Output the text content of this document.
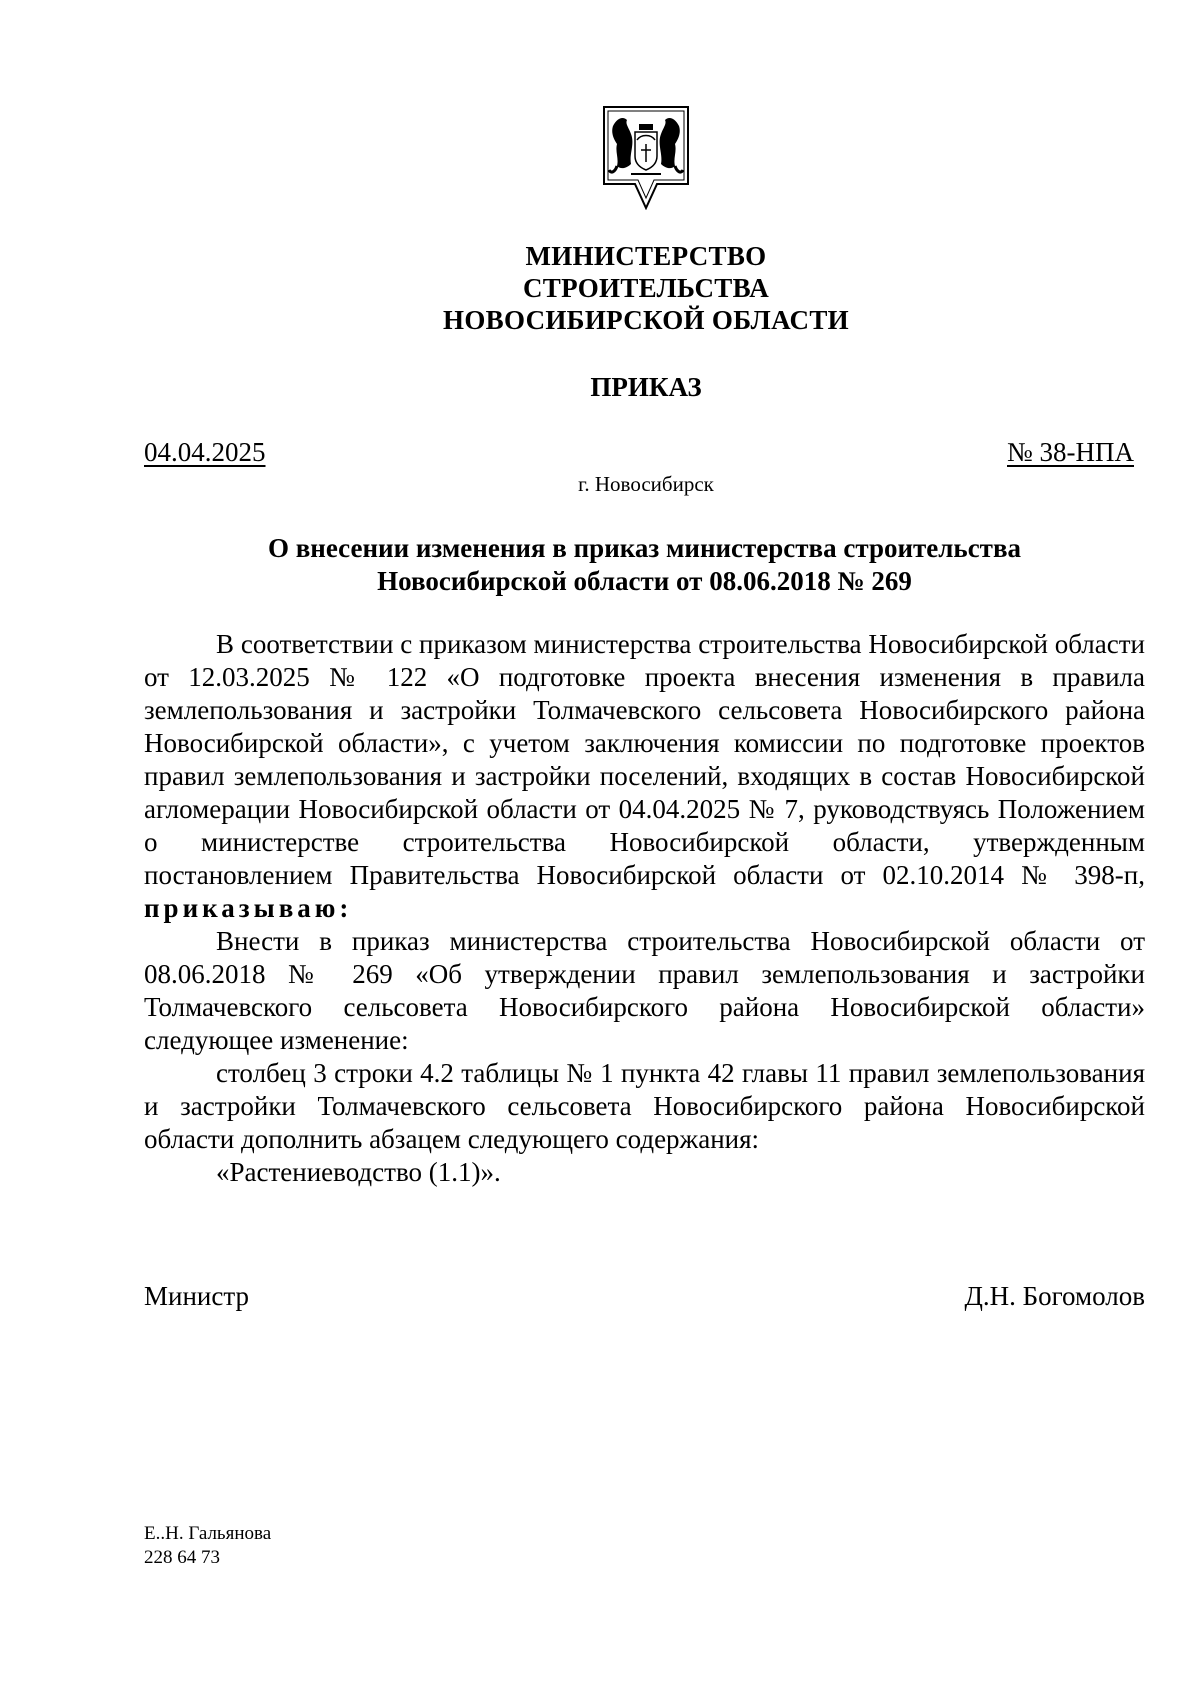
МИНИСТЕРСТВО
СТРОИТЕЛЬСТВА
НОВОСИБИРСКОЙ ОБЛАСТИ
ПРИКАЗ
04.04.2025	№ 38-НПА
г. Новосибирск
О внесении изменения в приказ министерства строительства
Новосибирской области от 08.06.2018 № 269

В соответствии с приказом министерства строительства Новосибирской области от 12.03.2025 № 122 «О подготовке проекта внесения изменения в правила землепользования и застройки Толмачевского сельсовета Новосибирского района Новосибирской области», с учетом заключения комиссии по подготовке проектов правил землепользования и застройки поселений, входящих в состав Новосибирской агломерации Новосибирской области от 04.04.2025 № 7, руководствуясь Положением о министерстве строительства Новосибирской области, утвержденным постановлением Правительства Новосибирской области от 02.10.2014 № 398-п, приказываю:

Внести в приказ министерства строительства Новосибирской области от 08.06.2018 № 269 «Об утверждении правил землепользования и застройки Толмачевского сельсовета Новосибирского района Новосибирской области» следующее изменение:

столбец 3 строки 4.2 таблицы № 1 пункта 42 главы 11 правил землепользования и застройки Толмачевского сельсовета Новосибирского района Новосибирской области дополнить абзацем следующего содержания:

«Растениеводство (1.1)».

Министр	Д.Н. Богомолов
Е..Н. Гальянова
228 64 73
